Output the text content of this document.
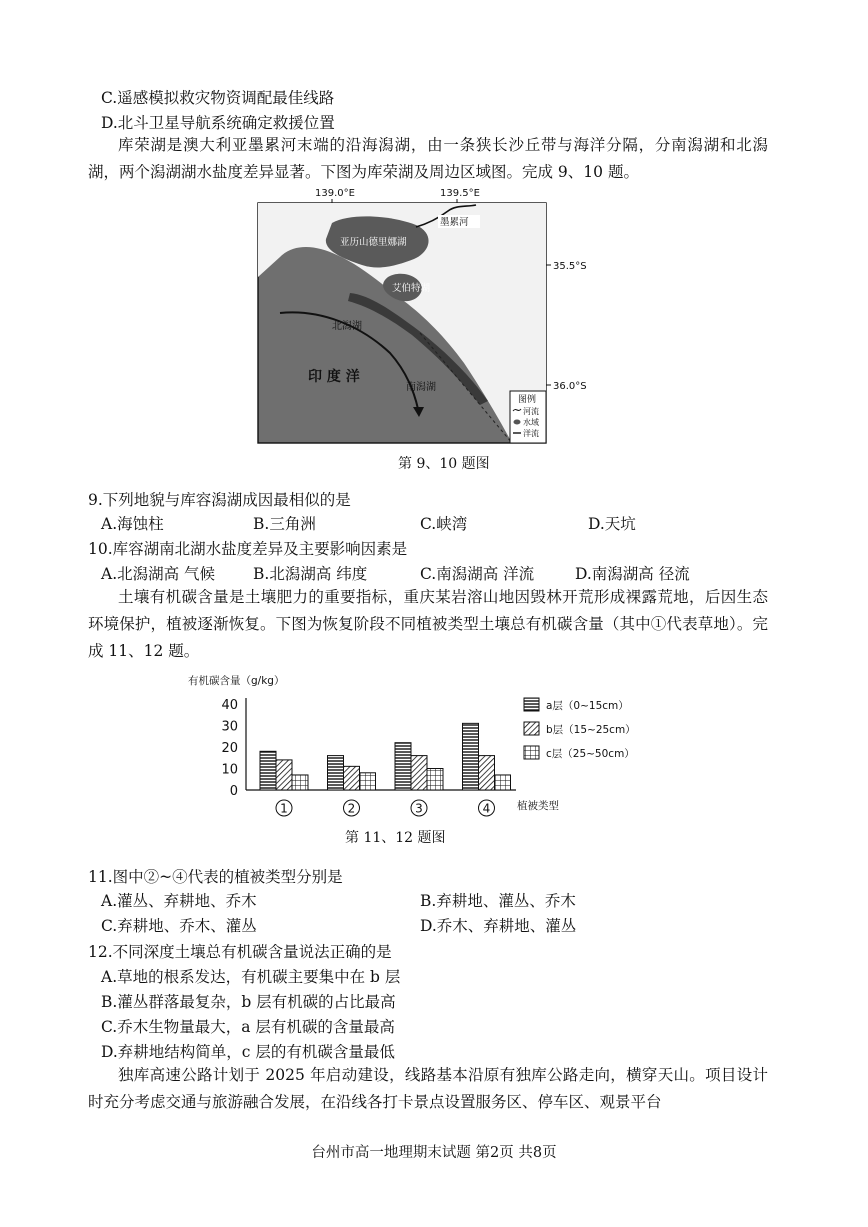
C.遥感模拟救灾物资调配最佳线路
D.北斗卫星导航系统确定救援位置
库荣湖是澳大利亚墨累河末端的沿海潟湖，由一条狭长沙丘带与海洋分隔，分南潟湖和北潟湖，两个潟湖湖水盐度差异显著。下图为库荣湖及周边区域图。完成 9、10 题。
139.0°E	139.5°E
墨累河
亚历山德里娜湖
艾伯特湖
北潟湖
南潟湖
印 度 洋
35.5°S
36.0°S
图例
河流
水域
洋流
第 9、10 题图
9.下列地貌与库容潟湖成因最相似的是
A.海蚀柱	B.三角洲	C.峡湾	D.天坑
10.库容湖南北湖水盐度差异及主要影响因素是
A.北潟湖高 气候 B.北潟湖高 纬度	C.南潟湖高 洋流	D.南潟湖高 径流
土壤有机碳含量是土壤肥力的重要指标，重庆某岩溶山地因毁林开荒形成裸露荒地，后因生态环境保护，植被逐渐恢复。下图为恢复阶段不同植被类型土壤总有机碳含量（其中①代表草地）。完成 11、12 题。
有机碳含量（g/kg）
0
10
20
30
40
1	2	3	4
a层（0~15cm）
b层（15~25cm）
c层（25~50cm）
植被类型
第 11、12 题图
11.图中②~④代表的植被类型分别是
A.灌丛、弃耕地、乔木	B.弃耕地、灌丛、乔木
C.弃耕地、乔木、灌丛	D.乔木、弃耕地、灌丛
12.不同深度土壤总有机碳含量说法正确的是
A.草地的根系发达，有机碳主要集中在 b 层
B.灌丛群落最复杂，b 层有机碳的占比最高
C.乔木生物量最大，a 层有机碳的含量最高
D.弃耕地结构简单，c 层的有机碳含量最低
独库高速公路计划于 2025 年启动建设，线路基本沿原有独库公路走向，横穿天山。项目设计时充分考虑交通与旅游融合发展，在沿线各打卡景点设置服务区、停车区、观景平台
台州市高一地理期末试题 第2页 共8页
